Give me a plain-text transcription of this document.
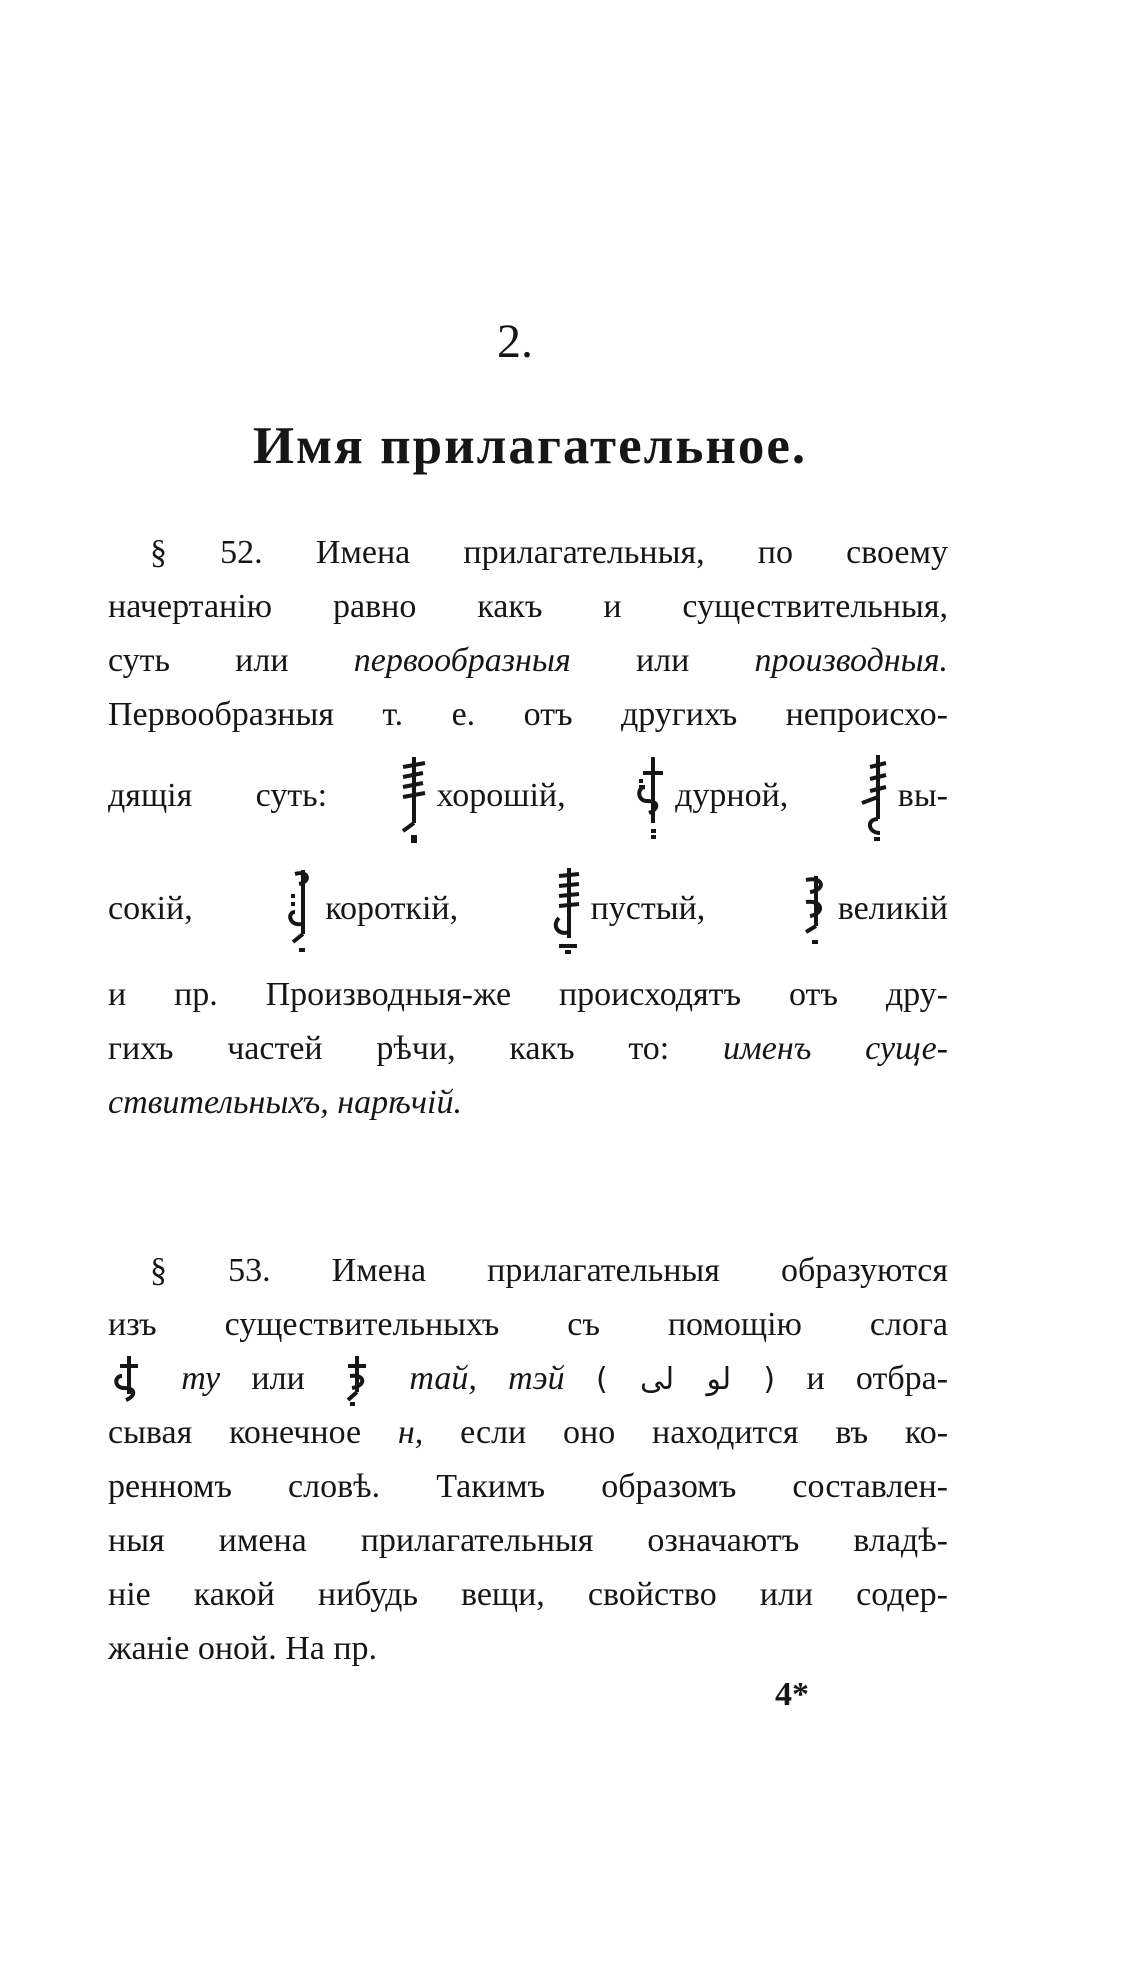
2.
Имя прилагательное.
§ 52. Имена прилагательныя, по своему
начертанію равно какъ и существительныя,
суть или первообразныя или производныя.
Первообразныя т. е. отъ другихъ непроисхо-
дящія суть:	хорошій,	дурной,	вы-
сокій,	короткій,	пустый,	великій
и пр. Производныя-же происходятъ отъ дру-
гихъ частей рѣчи, какъ то: именъ суще-
ствительныхъ, нарѣчій.
§ 53. Имена прилагательныя образуются
изъ существительныхъ съ помощію слога
ту или	тай, тэй ( لو لى ) и отбра-
сывая конечное н, если оно находится въ ко-
ренномъ словѣ. Такимъ образомъ составлен-
ныя имена прилагательныя означаютъ владѣ-
ніе какой нибудь вещи, свойство или содер-
жаніе оной. На пр.
4*
